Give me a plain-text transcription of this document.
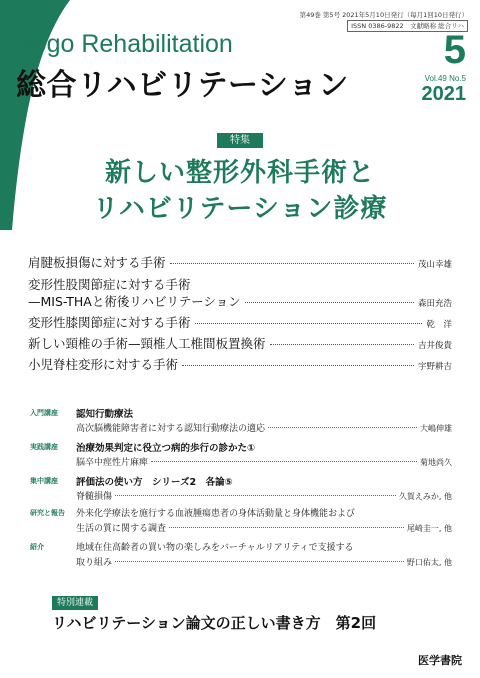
第49巻 第5号 2021年5月10日発行（毎月1回10日発行）
ISSN 0386-9822　文献略称 総合リハ
Sogo Rehabilitation
総合リハビリテーション
5
Vol.49 No.5
2021
特集
新しい整形外科手術と
リハビリテーション診療
肩腱板損傷に対する手術	茂山幸雄
変形性股関節症に対する手術
—MIS-THAと術後リハビリテーション	森田充浩
変形性膝関節症に対する手術	乾　洋
新しい頸椎の手術—頸椎人工椎間板置換術	吉井俊貴
小児脊柱変形に対する手術	宇野耕吉
入門講座 認知行動療法
高次脳機能障害者に対する認知行動療法の適応	大嶋伸雄
実践講座 治療効果判定に役立つ病的歩行の診かた①
脳卒中痙性片麻痺	菊地尚久
集中講座 評価法の使い方　シリーズ2　各論⑤
脊髄損傷	久賀えみか, 他
研究と報告 外来化学療法を施行する血液腫瘍患者の身体活動量と身体機能および
生活の質に関する調査	尾崎圭一, 他
紹介	地域在住高齢者の買い物の楽しみをバーチャルリアリティで支援する
取り組み	野口佑太, 他
特別連載
リハビリテーション論文の正しい書き方　第2回
医学書院
